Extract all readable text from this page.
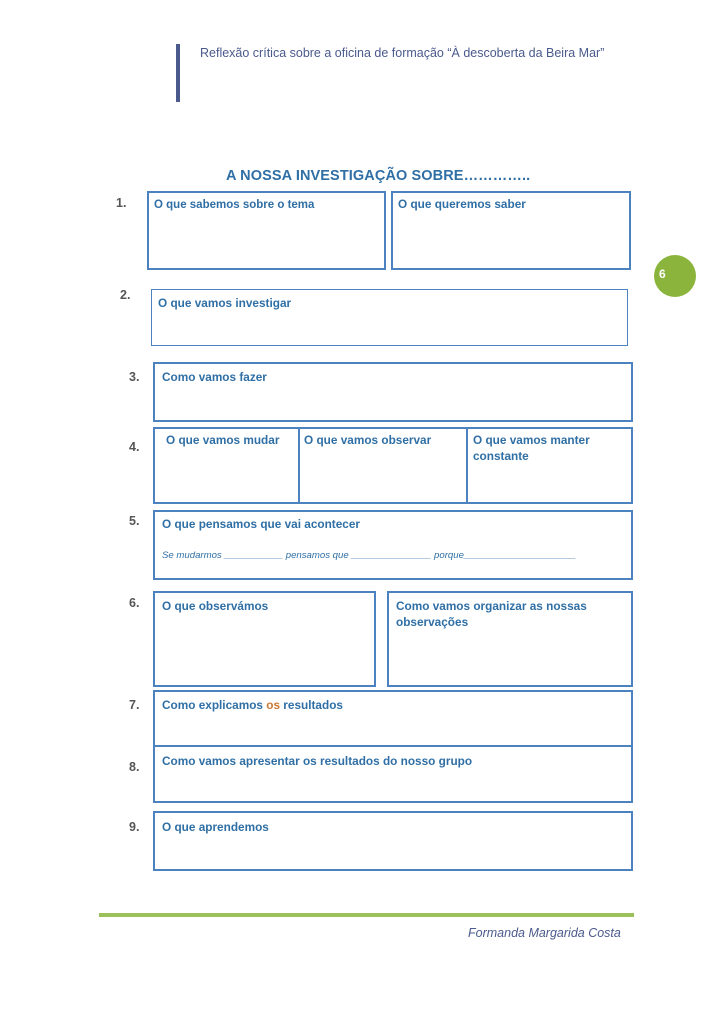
Reflexão crítica sobre a oficina de formação “À descoberta da Beira Mar”
6
A NOSSA INVESTIGAÇÃO SOBRE…………..
1. O que sabemos sobre o tema	O que queremos saber
2.
O que vamos investigar
3. Como vamos fazer
4. O que vamos mudar O que vamos observar	O que vamos manter constante
5. O que pensamos que vai acontecer
Se mudarmos ___________ pensamos que _______________ porque_____________________
6. O que observámos	Como vamos organizar as nossas observações
7. Como explicamos os resultados
8. Como vamos apresentar os resultados do nosso grupo
9. O que aprendemos
Formanda Margarida Costa
